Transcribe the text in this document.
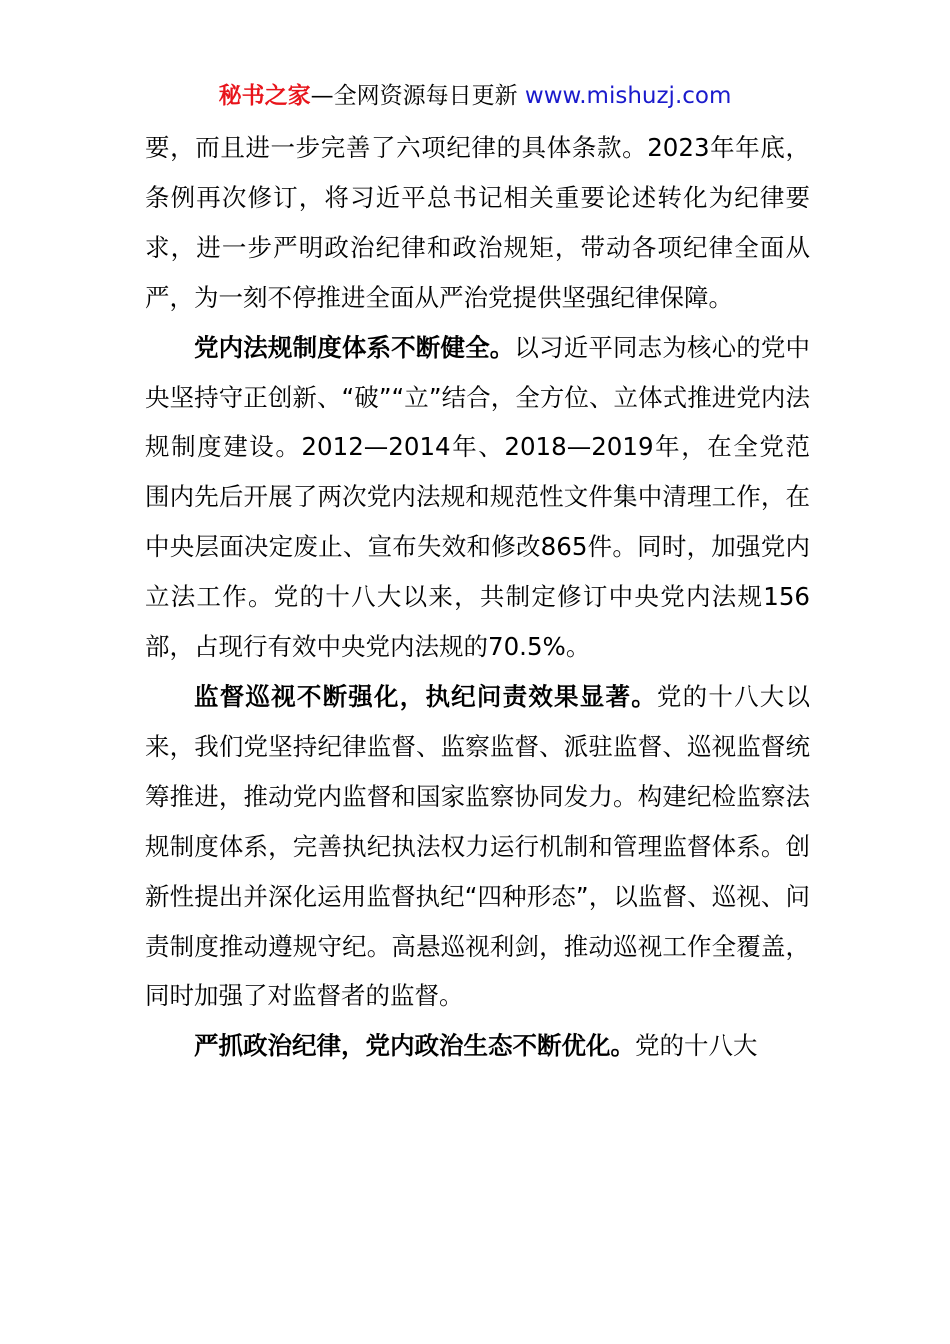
秘书之家—全网资源每日更新 www.mishuzj.com

要，而且进一步完善了六项纪律的具体条款。2023年年底，条例再次修订，将习近平总书记相关重要论述转化为纪律要求，进一步严明政治纪律和政治规矩，带动各项纪律全面从严，为一刻不停推进全面从严治党提供坚强纪律保障。

党内法规制度体系不断健全。以习近平同志为核心的党中央坚持守正创新、“破”“立”结合，全方位、立体式推进党内法规制度建设。2012—2014年、2018—2019年，在全党范围内先后开展了两次党内法规和规范性文件集中清理工作，在中央层面决定废止、宣布失效和修改865件。同时，加强党内立法工作。党的十八大以来，共制定修订中央党内法规156部，占现行有效中央党内法规的70.5%。

监督巡视不断强化，执纪问责效果显著。党的十八大以来，我们党坚持纪律监督、监察监督、派驻监督、巡视监督统筹推进，推动党内监督和国家监察协同发力。构建纪检监察法规制度体系，完善执纪执法权力运行机制和管理监督体系。创新性提出并深化运用监督执纪“四种形态”，以监督、巡视、问责制度推动遵规守纪。高悬巡视利剑，推动巡视工作全覆盖，同时加强了对监督者的监督。

严抓政治纪律，党内政治生态不断优化。党的十八大
